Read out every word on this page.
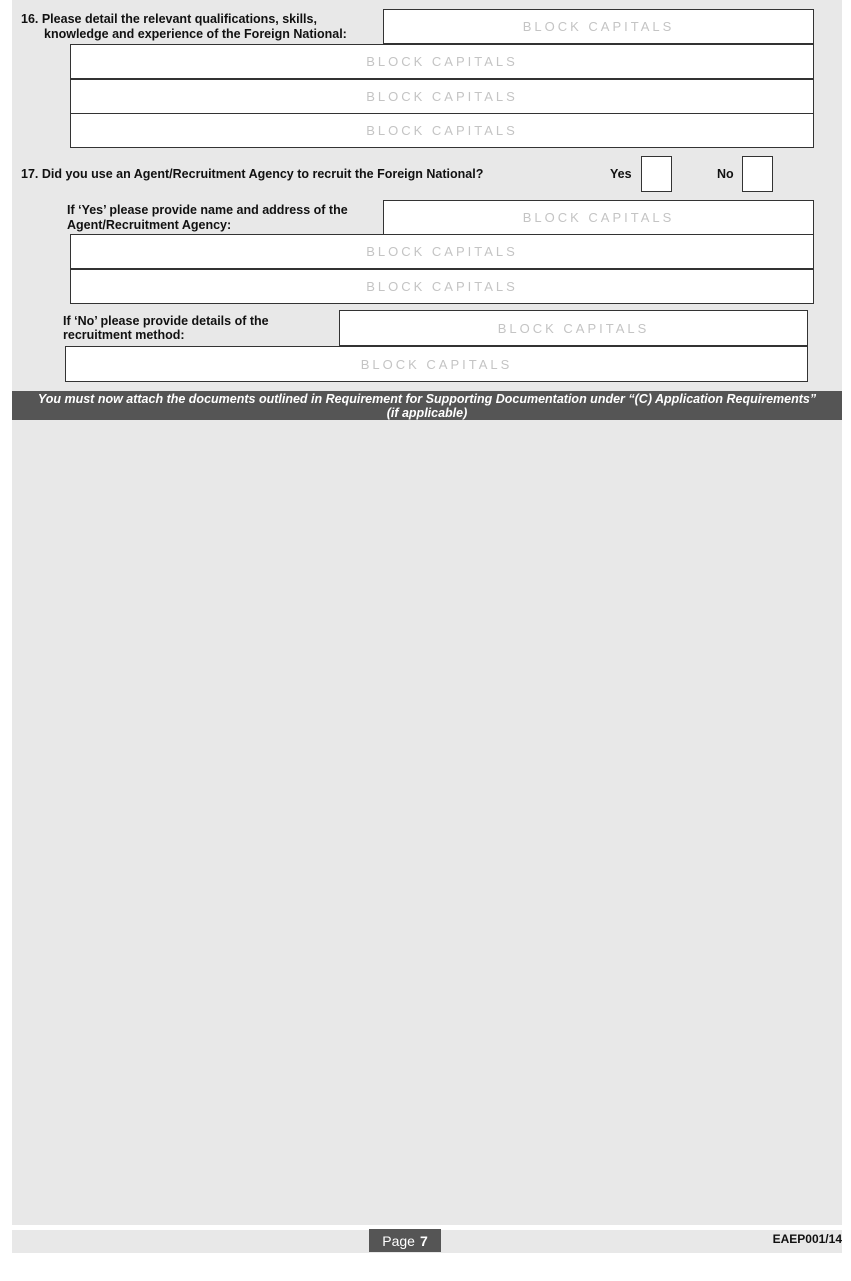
16. Please detail the relevant qualifications, skills,
knowledge and experience of the Foreign National:
BLOCK CAPITALS
BLOCK CAPITALS
BLOCK CAPITALS
BLOCK CAPITALS
17. Did you use an Agent/Recruitment Agency to recruit the Foreign National?	Yes	No
If ‘Yes’ please provide name and address of the
Agent/Recruitment Agency:
BLOCK CAPITALS
BLOCK CAPITALS
BLOCK CAPITALS
If ‘No’ please provide details of the
recruitment method:
BLOCK CAPITALS
BLOCK CAPITALS
You must now attach the documents outlined in Requirement for Supporting Documentation under “(C) Application Requirements”
(if applicable)
Page 7	EAEP001/14
